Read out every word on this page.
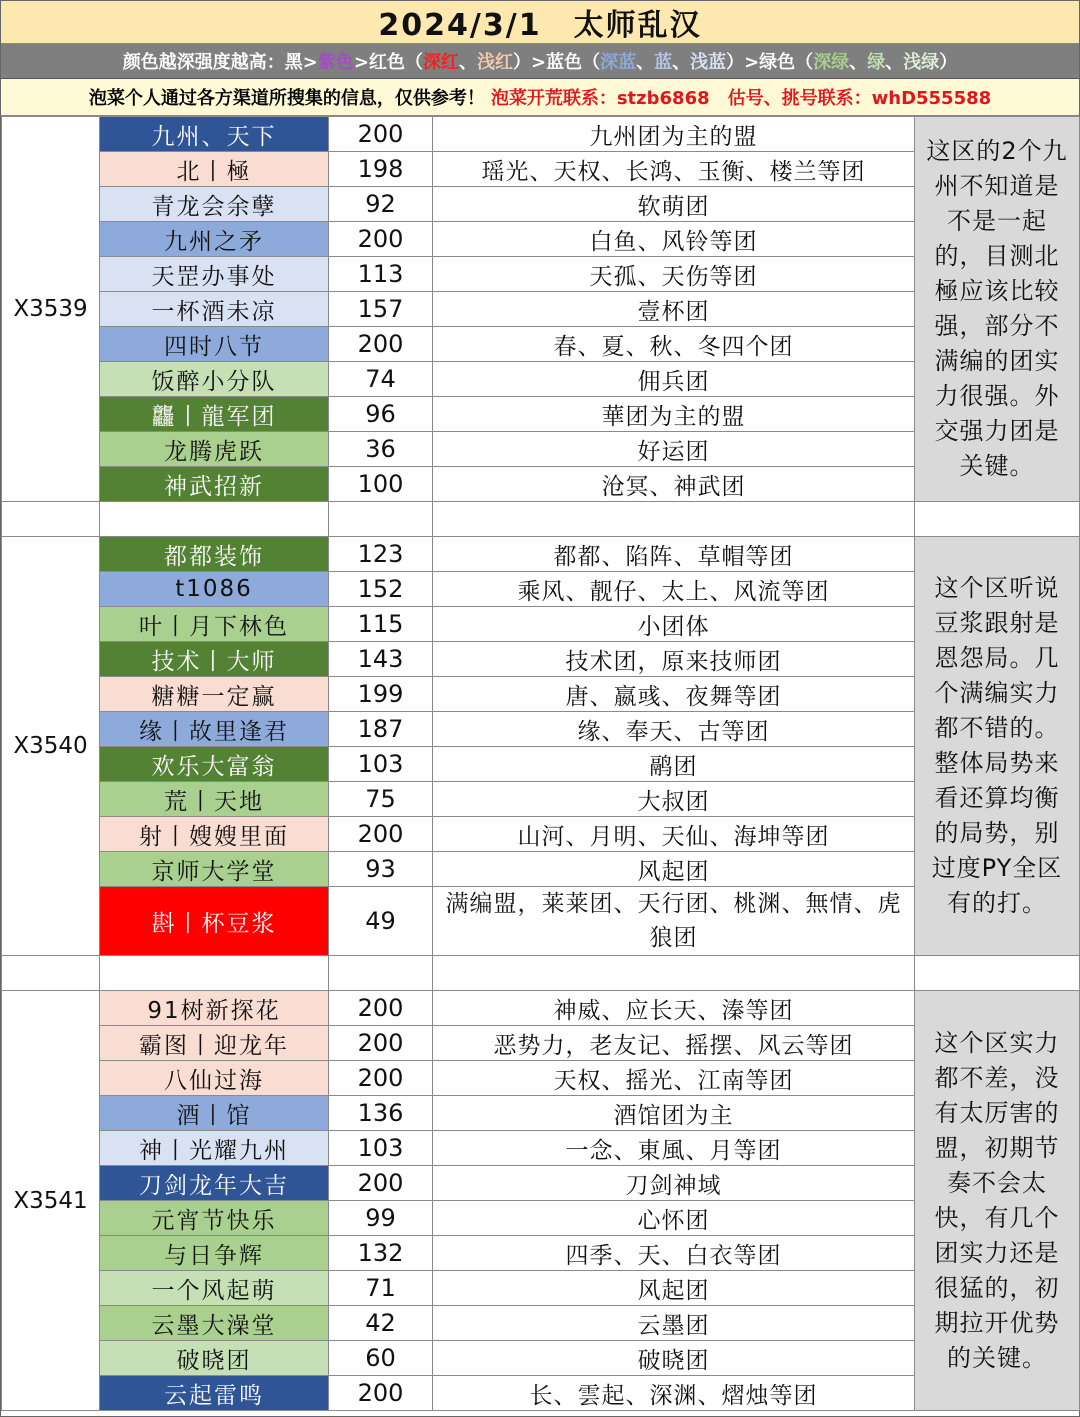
2024/3/1　太师乱汉
颜色越深强度越高：黑> 紫色 >红色（ 深红 、 浅红 ）>蓝色（ 深蓝 、 蓝 、 浅蓝 ）>绿色（ 深绿 、 绿 、 浅绿 ）
泡菜个人通过各方渠道所搜集的信息，仅供参考！ 泡菜开荒联系：stzb6868　估号、挑号联系：whD555588
X3539	九州、天下	200	九州团为主的盟	这区的2个九州不知道是不是一起的，目测北極应该比较强，部分不满编的团实力很强。外交强力团是关键。
	北丨極	198	瑶光、天权、长鸿、玉衡、楼兰等团	
	青龙会余孽	92	软萌团	
	九州之矛	200	白鱼、风铃等团	
	天罡办事处	113	天孤、天伤等团	
	一杯酒未凉	157	壹杯团	
	四时八节	200	春、夏、秋、冬四个团	
	饭醉小分队	74	佣兵团	
	龘丨龍军团	96	華团为主的盟	
	龙腾虎跃	36	好运团	
	神武招新	100	沧冥、神武团	

X3540	都都装饰	123	都都、陷阵、草帽等团	这个区听说豆浆跟射是恩怨局。几个满编实力都不错的。整体局势来看还算均衡的局势，别过度PY全区有的打。
	t1086	152	乘风、靓仔、太上、风流等团	
	叶丨月下林色	115	小团体	
	技术丨大师	143	技术团，原来技师团	
	糖糖一定赢	199	唐、嬴彧、夜舞等团	
	缘丨故里逢君	187	缘、奉天、古等团	
	欢乐大富翁	103	鹝团	
	荒丨天地	75	大叔团	
	射丨嫂嫂里面	200	山河、月明、天仙、海坤等团	
	京师大学堂	93	风起团	
	斟丨杯豆浆	49	满编盟，莱莱团、天行团、桃渊、無情、虎狼团	

X3541	91树新探花	200	神威、应长天、溱等团	这个区实力都不差，没有太厉害的盟，初期节奏不会太快，有几个团实力还是很猛的，初期拉开优势的关键。
	霸图丨迎龙年	200	恶势力，老友记、摇摆、风云等团	
	八仙过海	200	天权、摇光、江南等团	
	酒丨馆	136	酒馆团为主	
	神丨光耀九州	103	一念、東風、月等团	
	刀剑龙年大吉	200	刀剑神域	
	元宵节快乐	99	心怀团	
	与日争辉	132	四季、天、白衣等团	
	一个风起萌	71	风起团	
	云墨大澡堂	42	云墨团	
	破晓团	60	破晓团	
	云起雷鸣	200	长、雲起、深渊、熠烛等团	
